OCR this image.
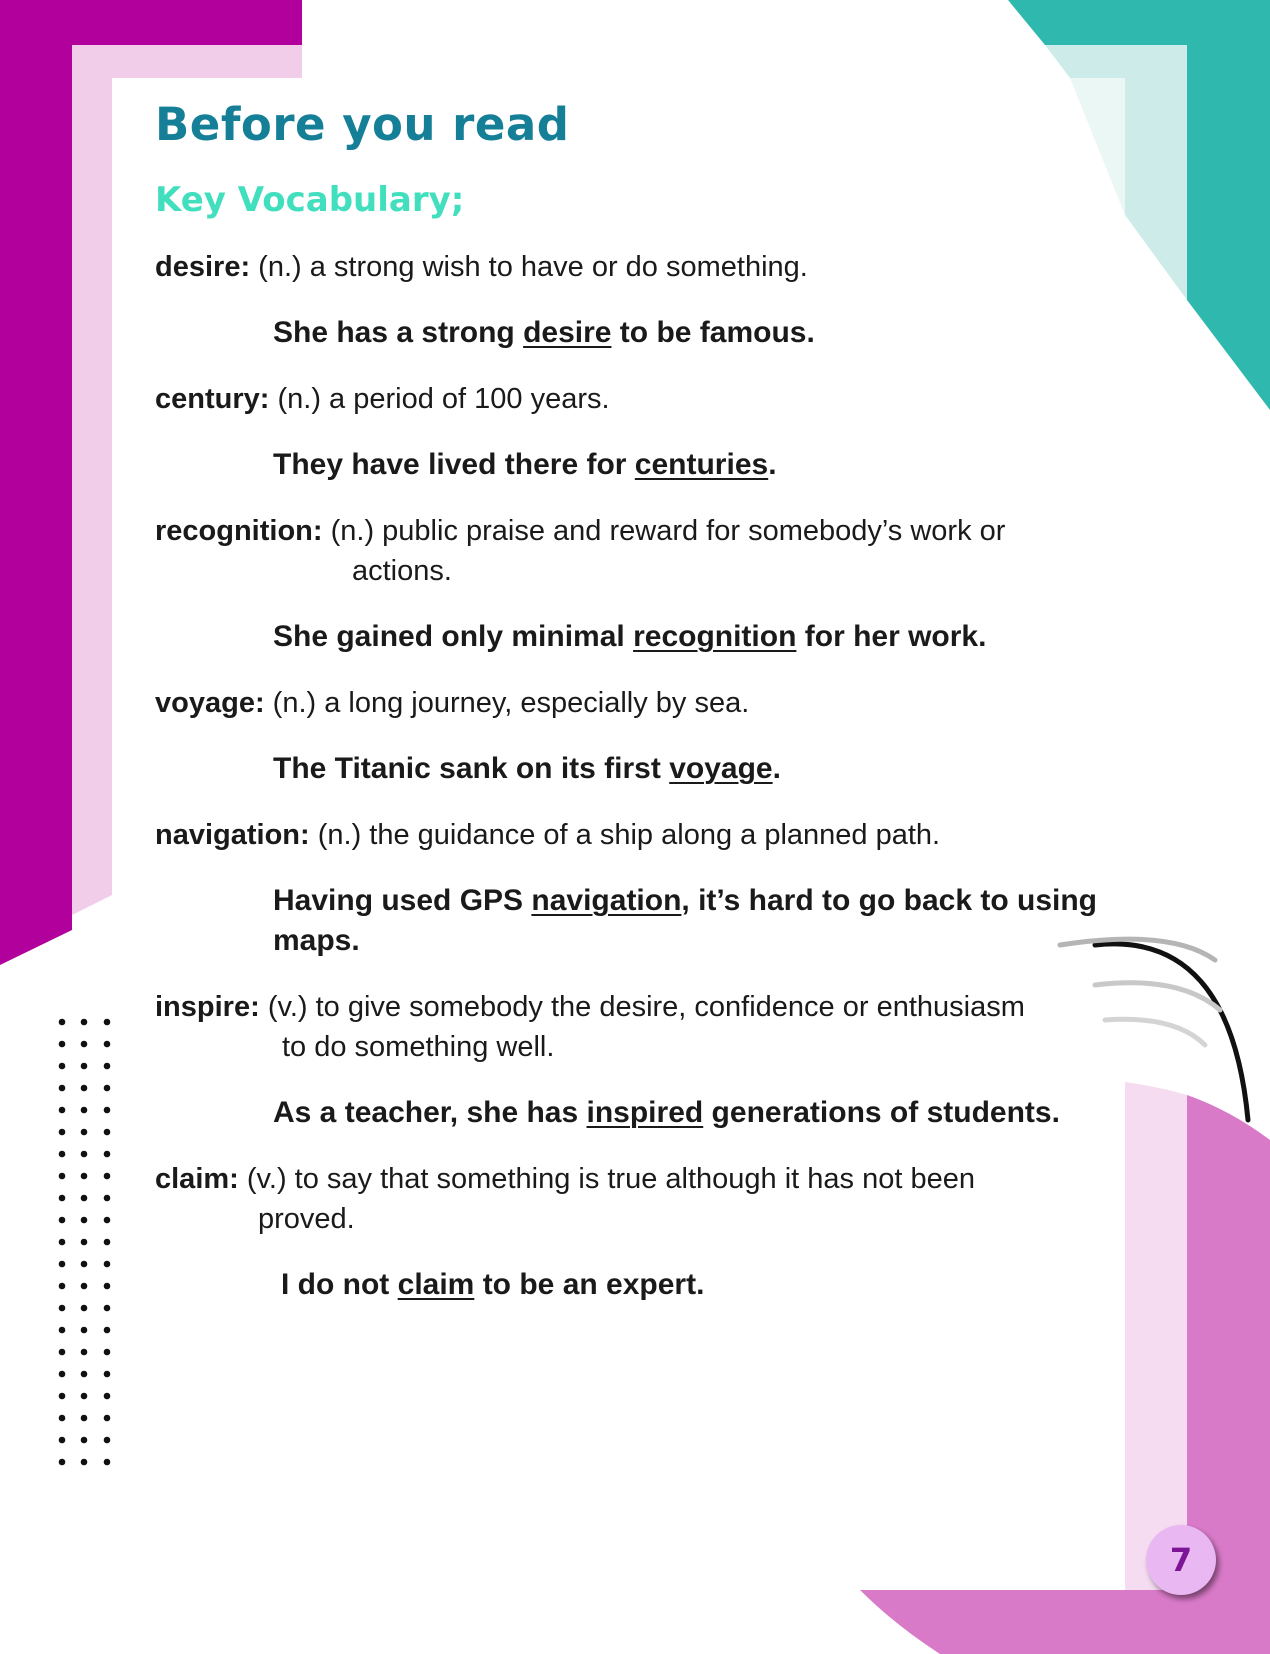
Before you read
Key Vocabulary;

desire: (n.) a strong wish to have or do something.

She has a strong desire to be famous.

century: (n.) a period of 100 years.

They have lived there for centuries.

recognition: (n.) public praise and reward for somebody’s work or
actions.

She gained only minimal recognition for her work.

voyage: (n.) a long journey, especially by sea.

The Titanic sank on its first voyage.

navigation: (n.) the guidance of a ship along a planned path.

Having used GPS navigation, it’s hard to go back to using maps.

inspire: (v.) to give somebody the desire, confidence or enthusiasm
to do something well.

As a teacher, she has inspired generations of students.

claim: (v.) to say that something is true although it has not been
proved.

I do not claim to be an expert.

7
